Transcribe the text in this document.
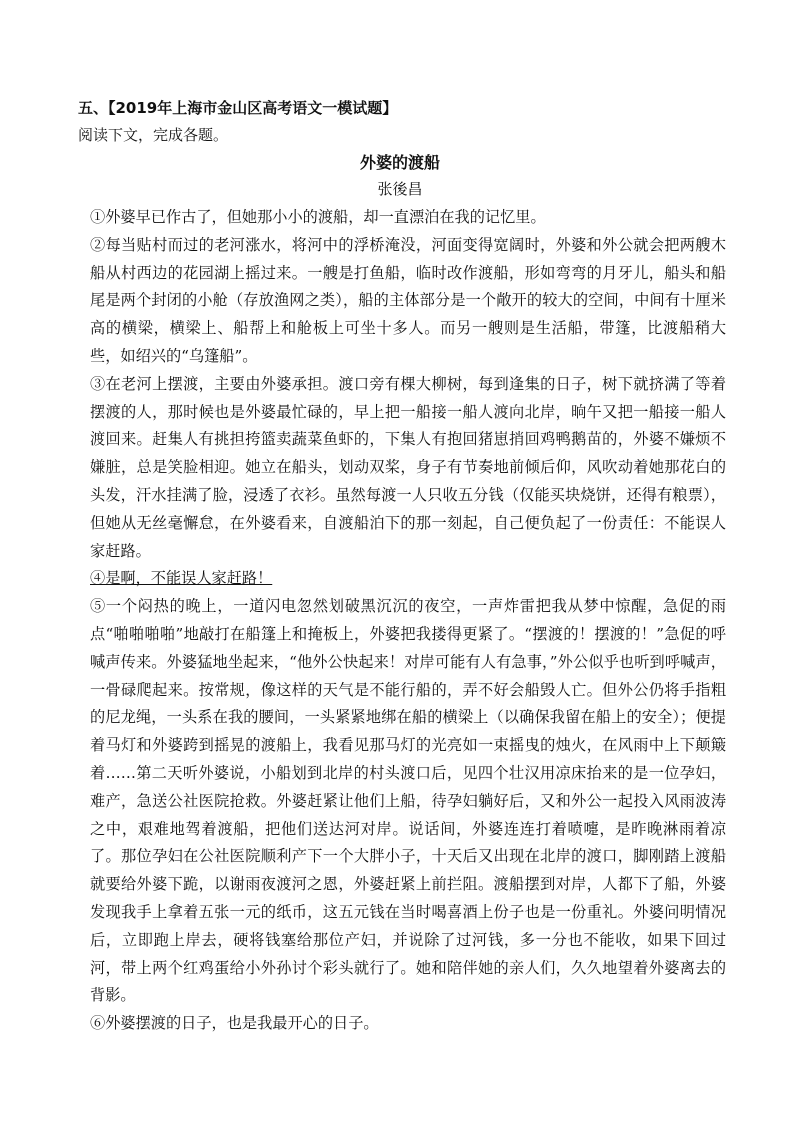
五、【2019年上海市金山区高考语文一模试题】
阅读下文，完成各题。
外婆的渡船
张後昌

①外婆早已作古了，但她那小小的渡船，却一直漂泊在我的记忆里。

②每当贴村而过的老河涨水，将河中的浮桥淹没，河面变得宽阔时，外婆和外公就会把两艘木船从村西边的花园湖上摇过来。一艘是打鱼船，临时改作渡船，形如弯弯的月牙儿，船头和船尾是两个封闭的小舱（存放渔网之类），船的主体部分是一个敞开的较大的空间，中间有十厘米高的横梁，横梁上、船帮上和舱板上可坐十多人。而另一艘则是生活船，带篷，比渡船稍大些，如绍兴的“乌篷船”。

③在老河上摆渡，主要由外婆承担。渡口旁有棵大柳树，每到逢集的日子，树下就挤满了等着摆渡的人，那时候也是外婆最忙碌的，早上把一船接一船人渡向北岸，晌午又把一船接一船人渡回来。赶集人有挑担挎篮卖蔬菜鱼虾的，下集人有抱回猪崽捎回鸡鸭鹅苗的，外婆不嫌烦不嫌脏，总是笑脸相迎。她立在船头，划动双桨，身子有节奏地前倾后仰，风吹动着她那花白的头发，汗水挂满了脸，浸透了衣衫。虽然每渡一人只收五分钱（仅能买块烧饼，还得有粮票），但她从无丝毫懈怠，在外婆看来，自渡船泊下的那一刻起，自己便负起了一份责任：不能误人家赶路。

④是啊，不能误人家赶路！

⑤一个闷热的晚上，一道闪电忽然划破黑沉沉的夜空，一声炸雷把我从梦中惊醒，急促的雨点“啪啪啪啪”地敲打在船篷上和掩板上，外婆把我搂得更紧了。“摆渡的！摆渡的！”急促的呼喊声传来。外婆猛地坐起来，“他外公快起来！对岸可能有人有急事，”外公似乎也听到呼喊声，一骨碌爬起来。按常规，像这样的天气是不能行船的，弄不好会船毁人亡。但外公仍将手指粗的尼龙绳，一头系在我的腰间，一头紧紧地绑在船的横梁上（以确保我留在船上的安全）；便提着马灯和外婆跨到摇晃的渡船上，我看见那马灯的光亮如一束摇曳的烛火，在风雨中上下颠簸着……第二天听外婆说，小船划到北岸的村头渡口后，见四个壮汉用凉床抬来的是一位孕妇，难产，急送公社医院抢救。外婆赶紧让他们上船，待孕妇躺好后，又和外公一起投入风雨波涛之中，艰难地驾着渡船，把他们送达河对岸。说话间，外婆连连打着喷嚏，是昨晚淋雨着凉了。那位孕妇在公社医院顺利产下一个大胖小子，十天后又出现在北岸的渡口，脚刚踏上渡船就要给外婆下跪，以谢雨夜渡河之恩，外婆赶紧上前拦阻。渡船摆到对岸，人都下了船，外婆发现我手上拿着五张一元的纸币，这五元钱在当时喝喜酒上份子也是一份重礼。外婆问明情况后，立即跑上岸去，硬将钱塞给那位产妇，并说除了过河钱，多一分也不能收，如果下回过河，带上两个红鸡蛋给小外孙讨个彩头就行了。她和陪伴她的亲人们，久久地望着外婆离去的背影。

⑥外婆摆渡的日子，也是我最开心的日子。
